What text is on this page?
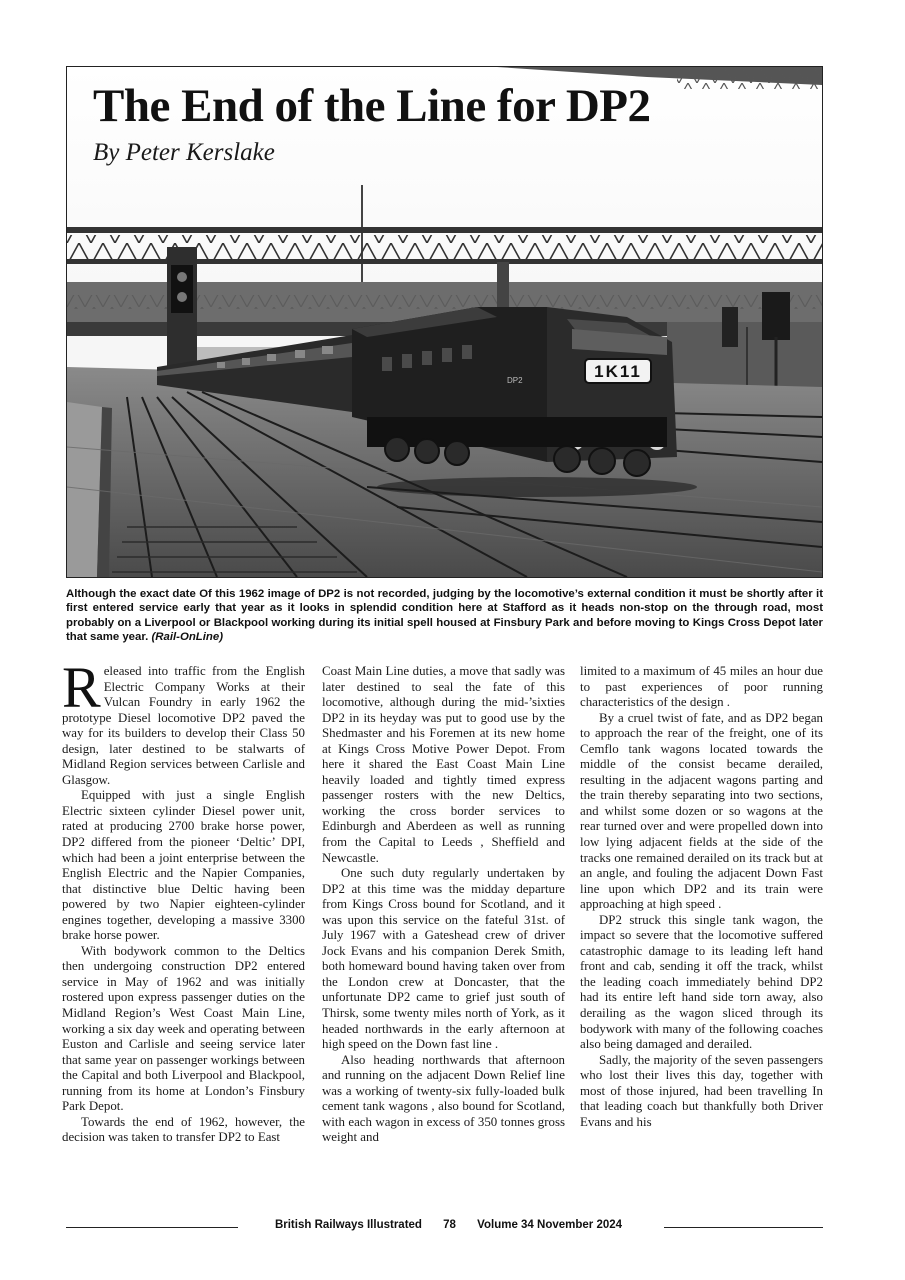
1K11
DP2
The End of the Line for DP2
By Peter Kerslake

Although the exact date Of this 1962 image of DP2 is not recorded, judging by the locomotive’s external condition it must be shortly after it first entered service early that year as it looks in splendid condition here at Stafford as it heads non-stop on the through road, most probably on a Liverpool or Blackpool working during its initial spell housed at Finsbury Park and before moving to Kings Cross Depot later that same year. (Rail-OnLine)

Released into traffic from the English Electric Company Works at their Vulcan Foundry in early 1962 the prototype Diesel locomotive DP2 paved the way for its builders to develop their Class 50 design, later destined to be stalwarts of Midland Region services between Carlisle and Glasgow.

Equipped with just a single English Electric sixteen cylinder Diesel power unit, rated at producing 2700 brake horse power, DP2 differed from the pioneer ‘Deltic’ DPI, which had been a joint enterprise between the English Electric and the Napier Companies, that distinctive blue Deltic having been powered by two Napier eighteen-cylinder engines together, developing a massive 3300 brake horse power.

With bodywork common to the Deltics then undergoing construction DP2 entered service in May of 1962 and was initially rostered upon express passenger duties on the Midland Region’s West Coast Main Line, working a six day week and operating between Euston and Carlisle and seeing service later that same year on passenger workings between the Capital and both Liverpool and Blackpool, running from its home at London’s Finsbury Park Depot.

Towards the end of 1962, however, the decision was taken to transfer DP2 to East

Coast Main Line duties, a move that sadly was later destined to seal the fate of this locomotive, although during the mid-’sixties DP2 in its heyday was put to good use by the Shedmaster and his Foremen at its new home at Kings Cross Motive Power Depot. From here it shared the East Coast Main Line heavily loaded and tightly timed express passenger rosters with the new Deltics, working the cross border services to Edinburgh and Aberdeen as well as running from the Capital to Leeds , Sheffield and Newcastle.

One such duty regularly undertaken by DP2 at this time was the midday departure from Kings Cross bound for Scotland, and it was upon this service on the fateful 31st. of July 1967 with a Gateshead crew of driver Jock Evans and his companion Derek Smith, both homeward bound having taken over from the London crew at Doncaster, that the unfortunate DP2 came to grief just south of Thirsk, some twenty miles north of York, as it headed northwards in the early afternoon at high speed on the Down fast line .

Also heading northwards that afternoon and running on the adjacent Down Relief line was a working of twenty-six fully-loaded bulk cement tank wagons , also bound for Scotland, with each wagon in excess of 350 tonnes gross weight and

limited to a maximum of 45 miles an hour due to past experiences of poor running characteristics of the design .

By a cruel twist of fate, and as DP2 began to approach the rear of the freight, one of its Cemflo tank wagons located towards the middle of the consist became derailed, resulting in the adjacent wagons parting and the train thereby separating into two sections, and whilst some dozen or so wagons at the rear turned over and were propelled down into low lying adjacent fields at the side of the tracks one remained derailed on its track but at an angle, and fouling the adjacent Down Fast line upon which DP2 and its train were approaching at high speed .

DP2 struck this single tank wagon, the impact so severe that the locomotive suffered catastrophic damage to its leading left hand front and cab, sending it off the track, whilst the leading coach immediately behind DP2 had its entire left hand side torn away, also derailing as the wagon sliced through its bodywork with many of the following coaches also being damaged and derailed.

Sadly, the majority of the seven passengers who lost their lives this day, together with most of those injured, had been travelling In that leading coach but thankfully both Driver Evans and his

British Railways Illustrated 78 Volume 34 November 2024
